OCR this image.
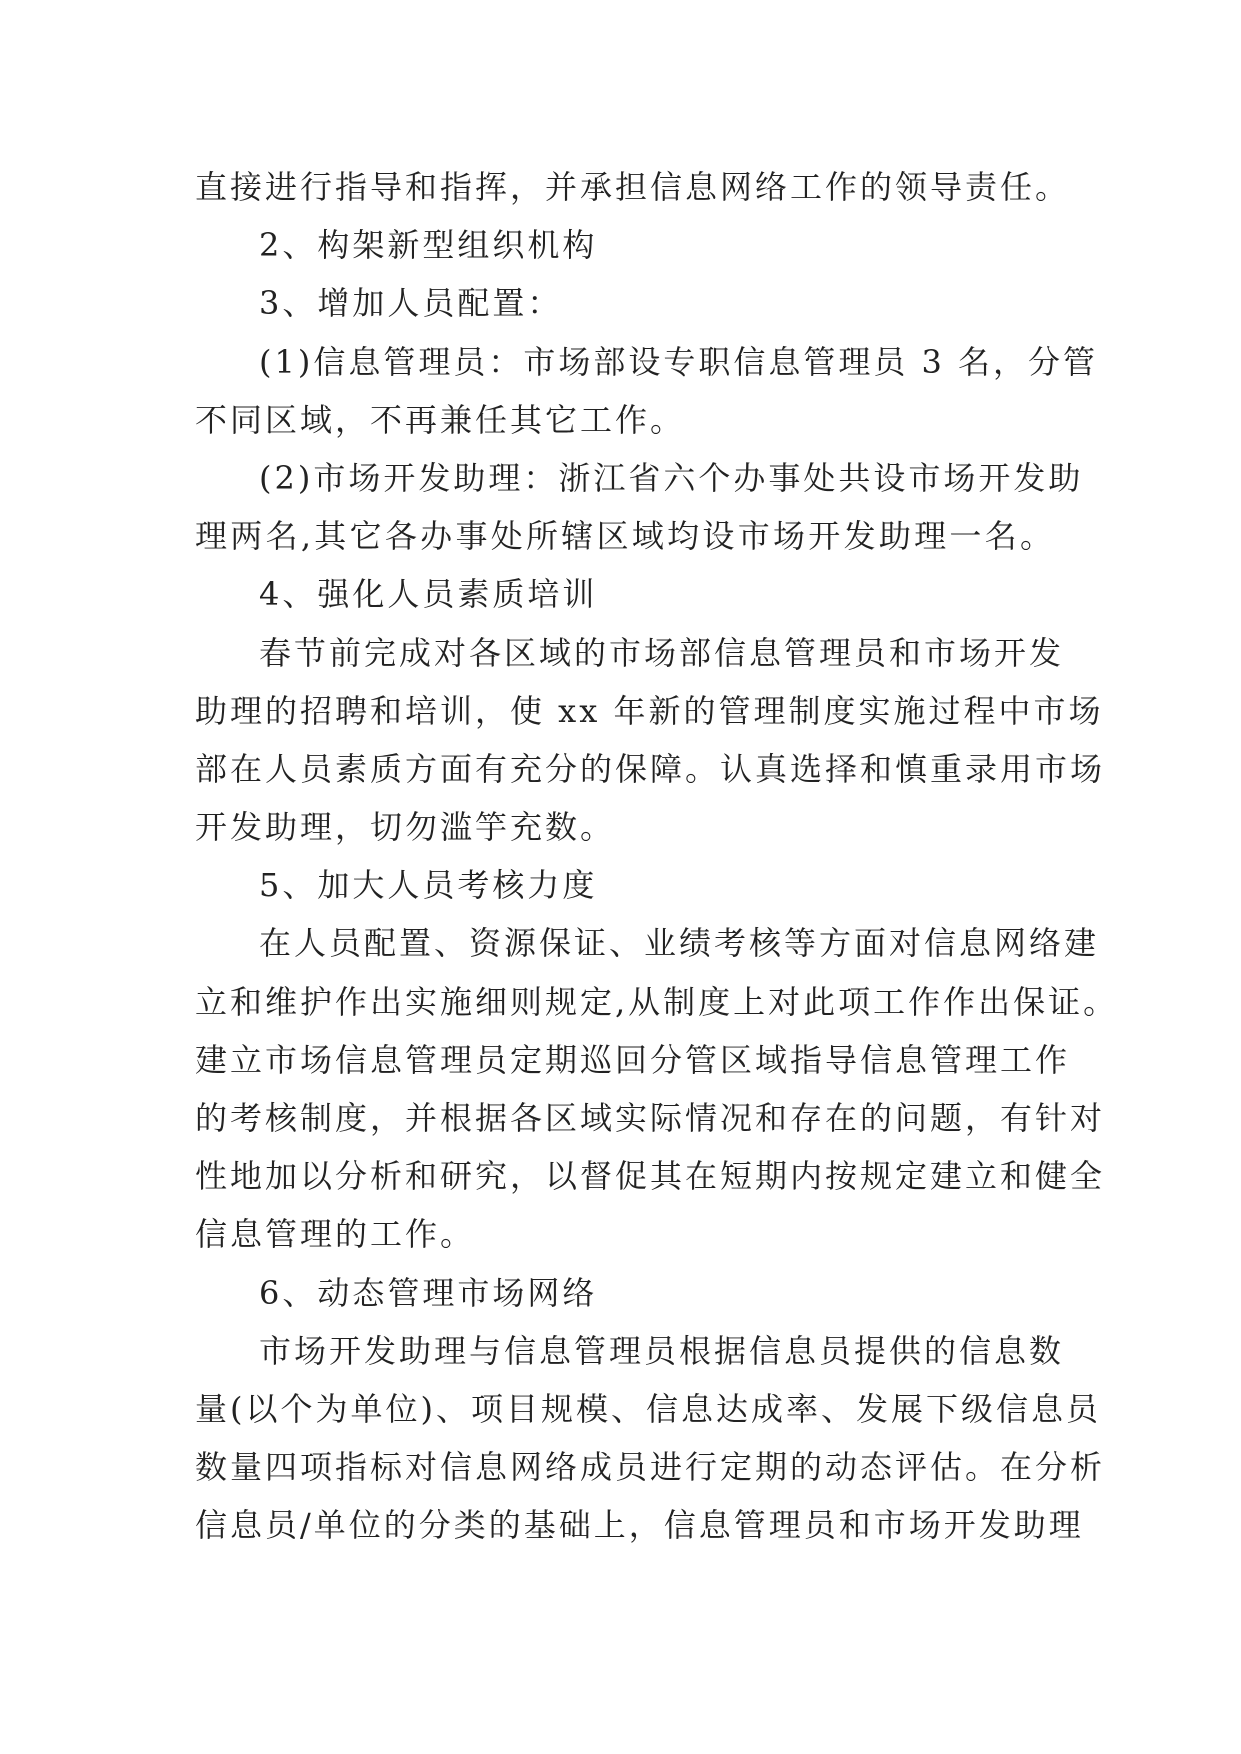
直接进行指导和指挥，并承担信息网络工作的领导责任。
2、构架新型组织机构
3、增加人员配置：
(1)信息管理员：市场部设专职信息管理员 3 名，分管
不同区域，不再兼任其它工作。
(2)市场开发助理：浙江省六个办事处共设市场开发助
理两名,其它各办事处所辖区域均设市场开发助理一名。
4、强化人员素质培训
春节前完成对各区域的市场部信息管理员和市场开发
助理的招聘和培训，使 xx 年新的管理制度实施过程中市场
部在人员素质方面有充分的保障。认真选择和慎重录用市场
开发助理，切勿滥竽充数。
5、加大人员考核力度
在人员配置、资源保证、业绩考核等方面对信息网络建
立和维护作出实施细则规定,从制度上对此项工作作出保证。
建立市场信息管理员定期巡回分管区域指导信息管理工作
的考核制度，并根据各区域实际情况和存在的问题，有针对
性地加以分析和研究，以督促其在短期内按规定建立和健全
信息管理的工作。
6、动态管理市场网络
市场开发助理与信息管理员根据信息员提供的信息数
量(以个为单位)、项目规模、信息达成率、发展下级信息员
数量四项指标对信息网络成员进行定期的动态评估。在分析
信息员/单位的分类的基础上，信息管理员和市场开发助理
